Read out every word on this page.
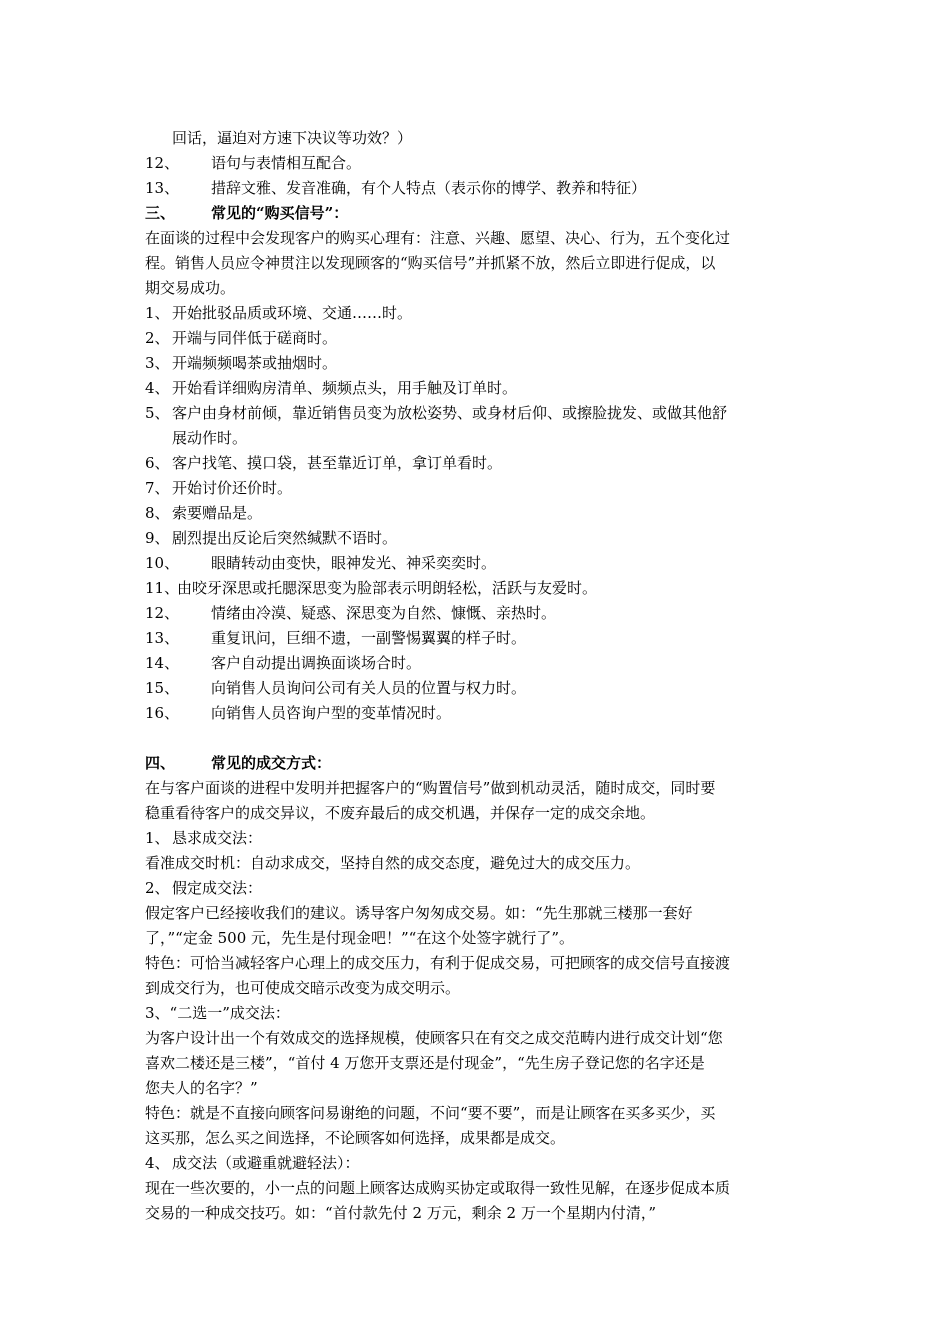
回话，逼迫对方速下决议等功效？）
12、 语句与表情相互配合。
13、 措辞文雅、发音准确，有个人特点（表示你的博学、教养和特征）
三、 常见的“购买信号”：
在面谈的过程中会发现客户的购买心理有：注意、兴趣、愿望、决心、行为，五个变化过
程。销售人员应令神贯注以发现顾客的“购买信号”并抓紧不放，然后立即进行促成，以
期交易成功。
1、 开始批驳品质或环境、交通……时。
2、 开端与同伴低于磋商时。
3、 开端频频喝茶或抽烟时。
4、 开始看详细购房清单、频频点头，用手触及订单时。
5、 客户由身材前倾，靠近销售员变为放松姿势、或身材后仰、或擦脸拢发、或做其他舒
展动作时。
6、 客户找笔、摸口袋，甚至靠近订单，拿订单看时。
7、 开始讨价还价时。
8、 索要赠品是。
9、 剧烈提出反论后突然缄默不语时。
10、 眼睛转动由变快，眼神发光、神采奕奕时。
11、由咬牙深思或托腮深思变为脸部表示明朗轻松，活跃与友爱时。
12、 情绪由冷漠、疑惑、深思变为自然、慷慨、亲热时。
13、 重复讯问，巨细不遗，一副警惕翼翼的样子时。
14、 客户自动提出调换面谈场合时。
15、 向销售人员询问公司有关人员的位置与权力时。
16、 向销售人员咨询户型的变革情况时。
四、 常见的成交方式：
在与客户面谈的进程中发明并把握客户的“购置信号”做到机动灵活，随时成交，同时要
稳重看待客户的成交异议，不废弃最后的成交机遇，并保存一定的成交余地。
1、 恳求成交法：
看准成交时机：自动求成交，坚持自然的成交态度，避免过大的成交压力。
2、 假定成交法：
假定客户已经接收我们的建议。诱导客户匆匆成交易。如：“先生那就三楼那一套好
了，”“定金 500 元，先生是付现金吧！”“在这个处签字就行了”。
特色：可恰当减轻客户心理上的成交压力，有利于促成交易，可把顾客的成交信号直接渡
到成交行为，也可使成交暗示改变为成交明示。
3、“二选一”成交法：
为客户设计出一个有效成交的选择规模，使顾客只在有交之成交范畴内进行成交计划“您
喜欢二楼还是三楼”，“首付 4 万您开支票还是付现金”，“先生房子登记您的名字还是
您夫人的名字？”
特色：就是不直接向顾客问易谢绝的问题，不问“要不要”，而是让顾客在买多买少，买
这买那，怎么买之间选择，不论顾客如何选择，成果都是成交。
4、 成交法（或避重就避轻法）：
现在一些次要的，小一点的问题上顾客达成购买协定或取得一致性见解，在逐步促成本质
交易的一种成交技巧。如：“首付款先付 2 万元，剩余 2 万一个星期内付清，”
